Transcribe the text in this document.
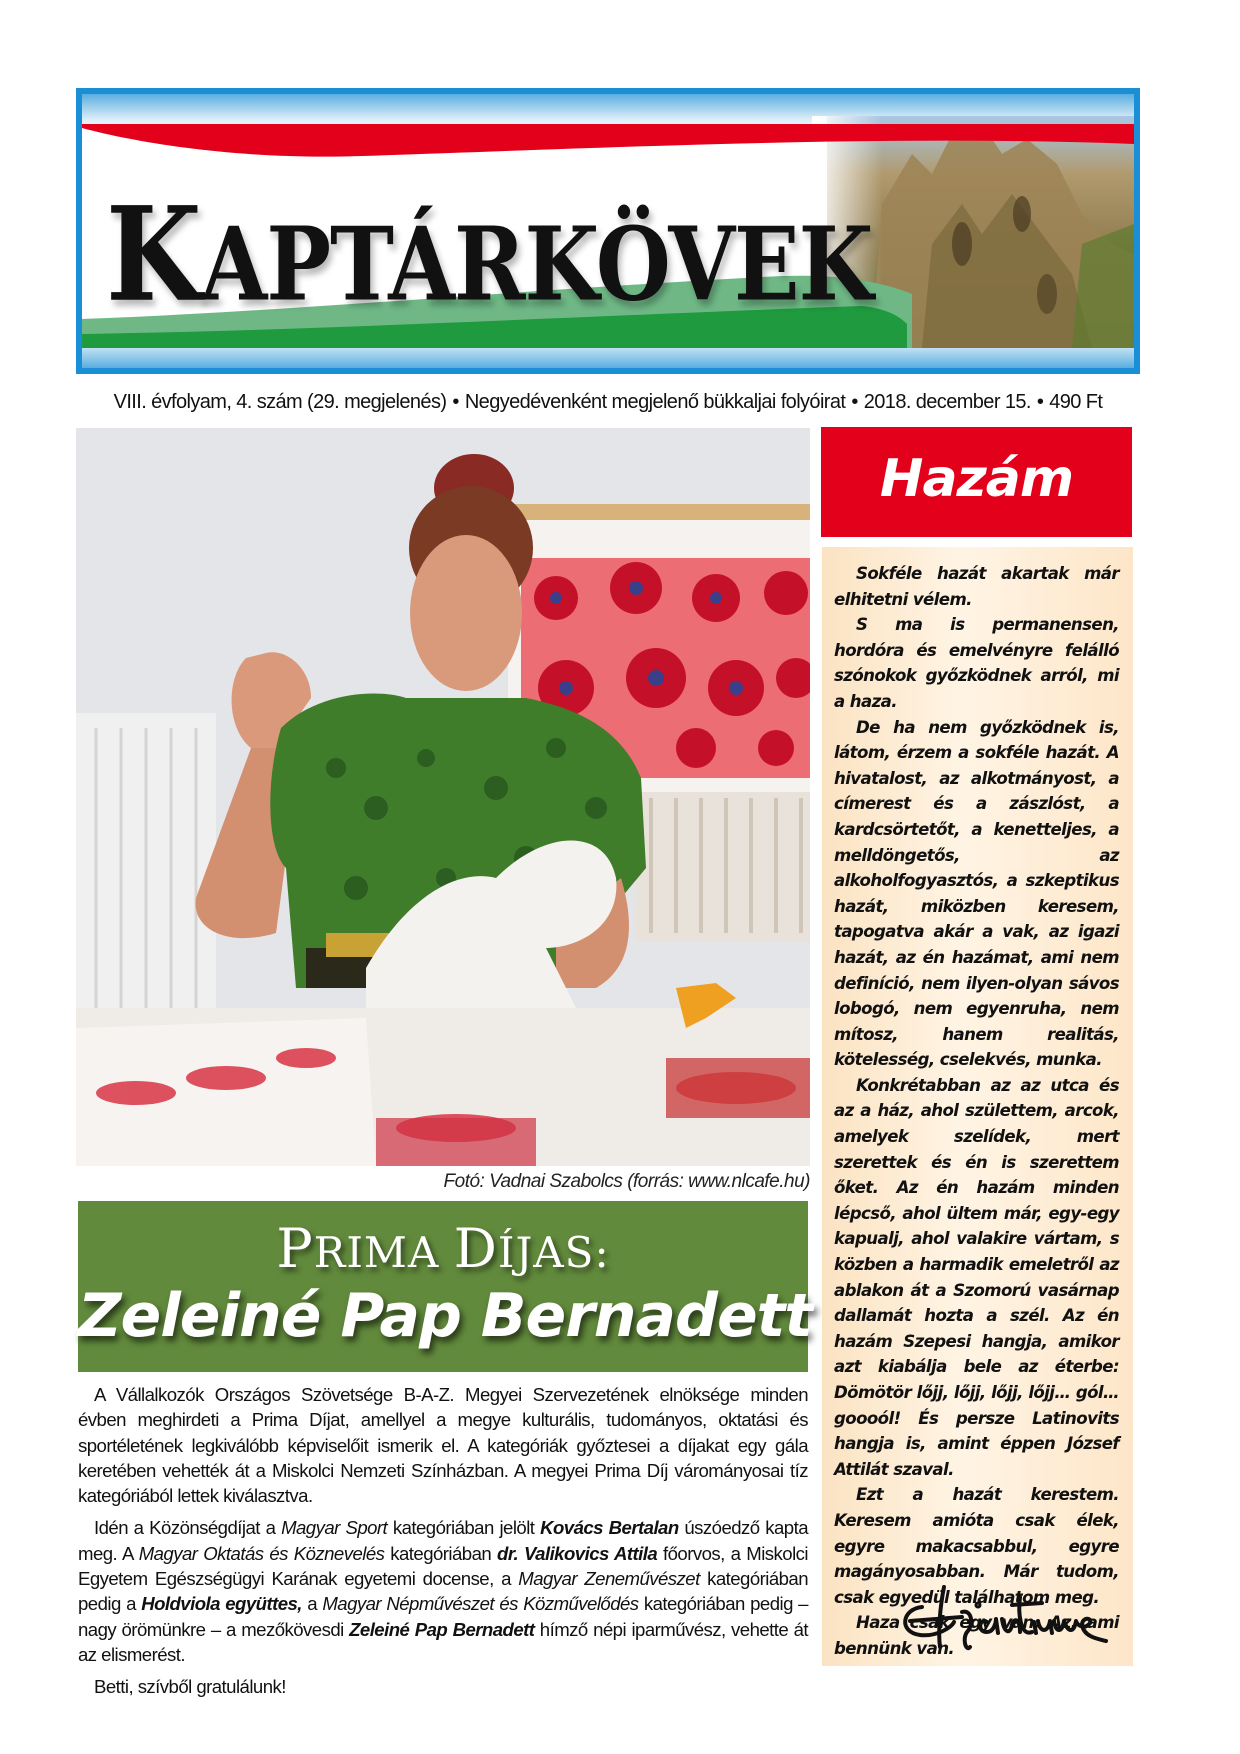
KAPTÁRKÖVEK
VIII. évfolyam, 4. szám (29. megjelenés) • Negyedévenként megjelenő bükkaljai folyóirat • 2018. december 15. • 490 Ft
Fotó: Vadnai Szabolcs (forrás: www.nlcafe.hu)
PRIMA DÍJAS:
Zeleiné Pap Bernadett

A Vállalkozók Országos Szövetsége B-A-Z. Megyei Szervezetének elnöksége minden évben meghirdeti a Prima Díjat, amellyel a megye kulturális, tudományos, oktatási és sportéletének legkiválóbb képviselőit ismerik el. A kategóriák győztesei a díjakat egy gála keretében vehették át a Miskolci Nemzeti Színházban. A megyei Prima Díj várományosai tíz kategóriából lettek kiválasztva.

Idén a Közönségdíjat a Magyar Sport kategóriában jelölt Kovács Bertalan úszóedző kapta meg. A Magyar Oktatás és Köznevelés kategóriában dr. Valikovics Attila főorvos, a Miskolci Egyetem Egészségügyi Karának egyetemi docense, a Magyar Zeneművészet kategóriában pedig a Holdviola együttes, a Magyar Népművészet és Közművelődés kategóriában pedig – nagy örömünkre – a mezőkövesdi Zeleiné Pap Bernadett hímző népi iparművész, vehette át az elismerést.

Betti, szívből gratulálunk!

Hazám

Sokféle hazát akartak már elhitetni vélem.

S ma is permanensen, hordóra és emelvényre felálló szónokok győzködnek arról, mi a haza.

De ha nem győzködnek is, látom, érzem a sokféle hazát. A hivatalost, az alkotmányost, a címerest és a zászlóst, a kardcsörtetőt, a kenetteljes, a melldöngetős, az alkoholfogyasztós, a szkeptikus hazát, miközben keresem, tapogatva akár a vak, az igazi hazát, az én hazámat, ami nem definíció, nem ilyen-olyan sávos lobogó, nem egyenruha, nem mítosz, hanem realitás, kötelesség, cselekvés, munka.

Konkrétabban az az utca és az a ház, ahol születtem, arcok, amelyek szelídek, mert szerettek és én is szerettem őket. Az én hazám minden lépcső, ahol ültem már, egy-egy kapualj, ahol valakire vártam, s közben a harmadik emeletről az ablakon át a Szomorú vasárnap dallamát hozta a szél. Az én hazám Szepesi hangja, amikor azt kiabálja bele az éterbe: Dömötör lőjj, lőjj, lőjj, lőjj… gól… goooól! És persze Latinovits hangja is, amint éppen József Attilát szaval.

Ezt a hazát kerestem. Keresem amióta csak élek, egyre makacsabbul, egyre magányosabban. Már tudom, csak egyedül találhatom meg.

Haza csak egy van. Az, ami bennünk van.
